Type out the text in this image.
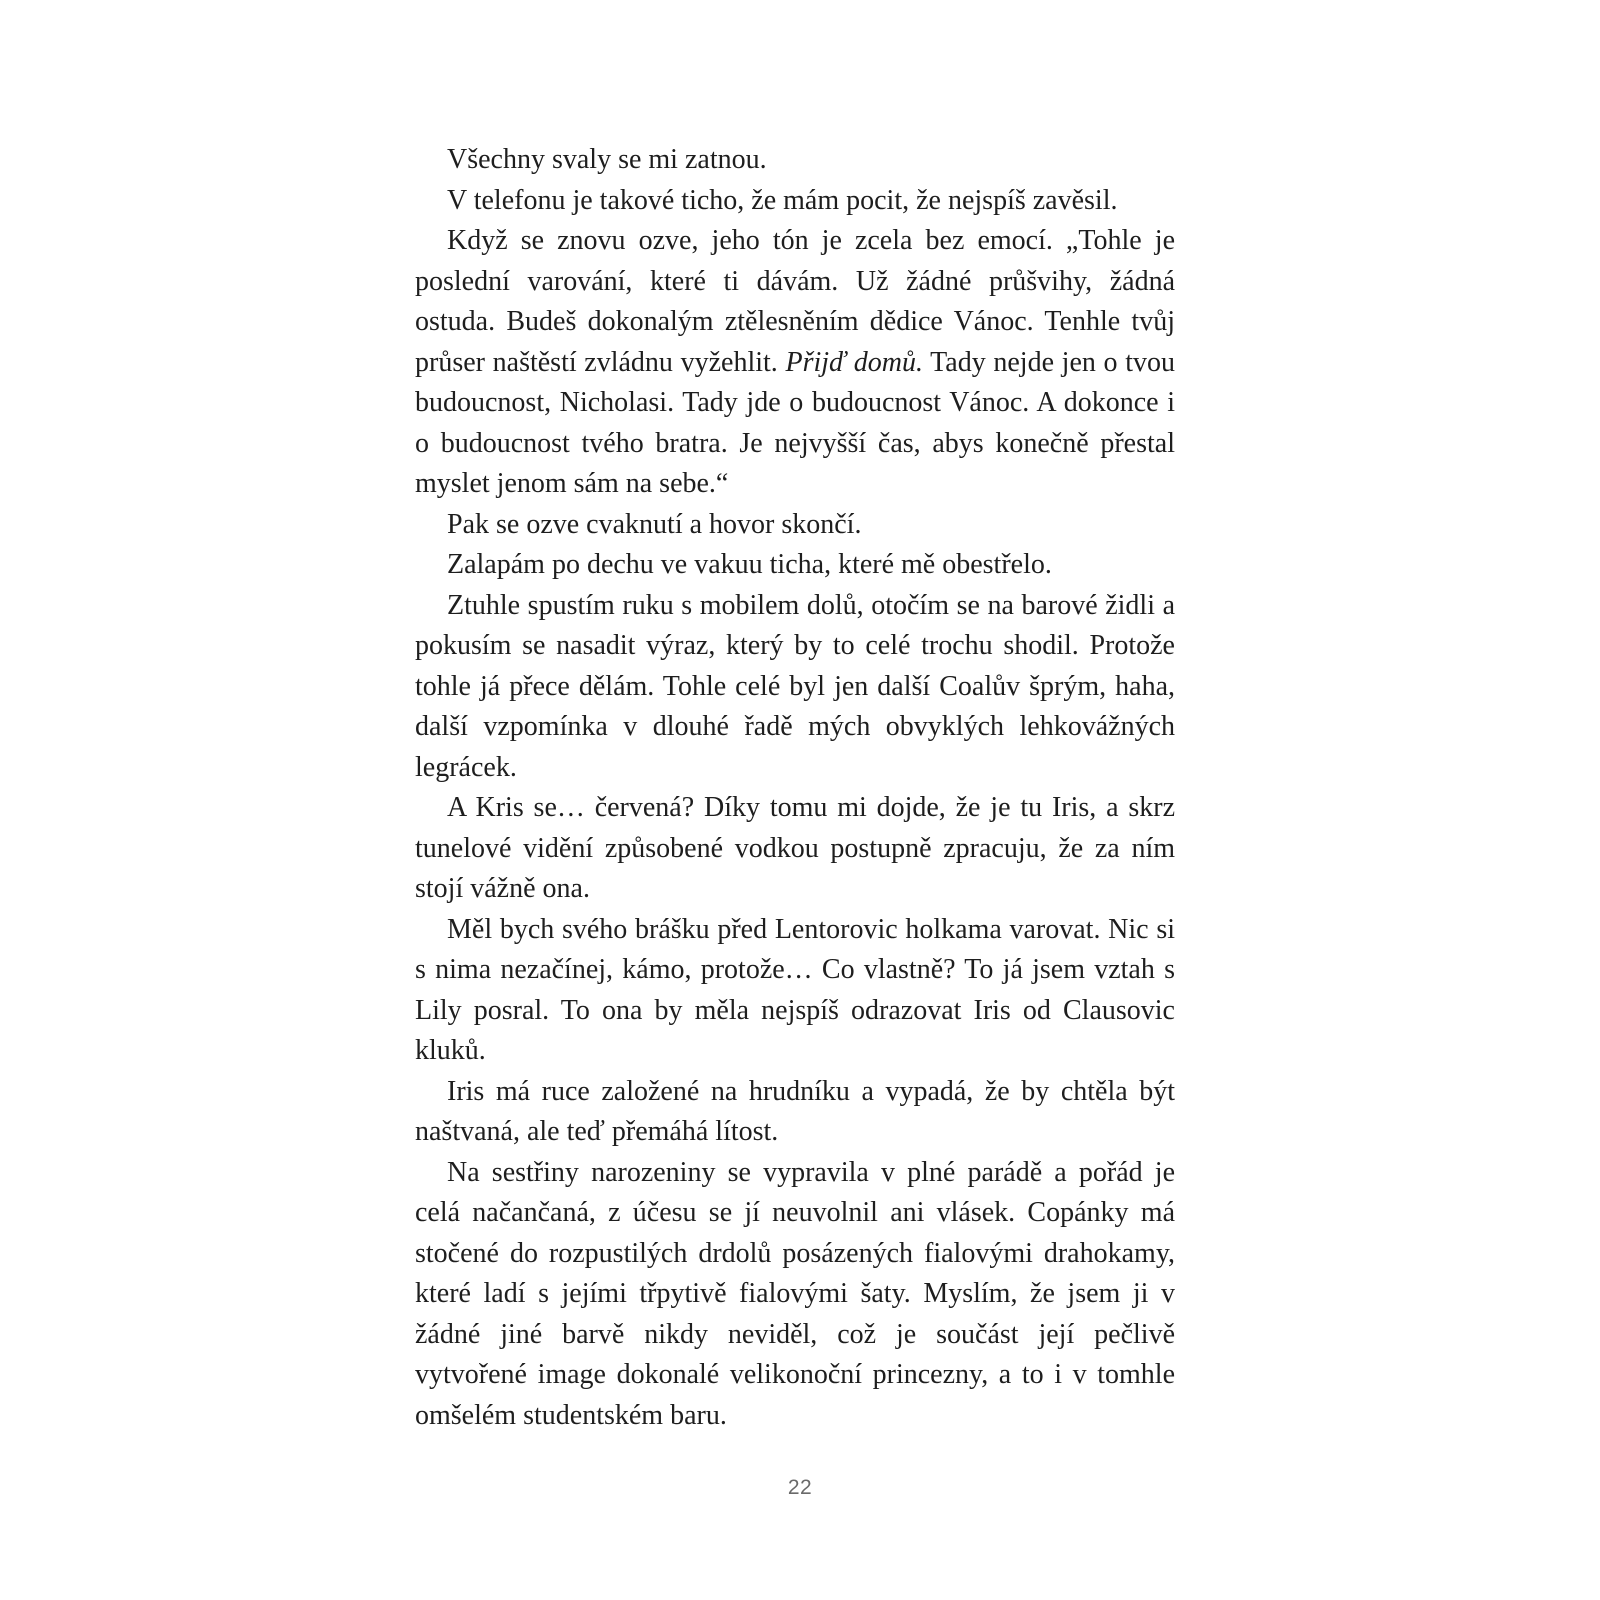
Všechny svaly se mi zatnou.

V telefonu je takové ticho, že mám pocit, že nejspíš zavěsil.

Když se znovu ozve, jeho tón je zcela bez emocí. „Tohle je poslední varování, které ti dávám. Už žádné průšvihy, žádná ostuda. Budeš dokonalým ztělesněním dědice Vánoc. Tenhle tvůj průser naštěstí zvládnu vyžehlit. Přijď domů. Tady nejde jen o tvou budoucnost, Nicholasi. Tady jde o budoucnost Vánoc. A dokonce i o budoucnost tvého bratra. Je nejvyšší čas, abys konečně přestal myslet jenom sám na sebe.“

Pak se ozve cvaknutí a hovor skončí.

Zalapám po dechu ve vakuu ticha, které mě obestřelo.

Ztuhle spustím ruku s mobilem dolů, otočím se na barové židli a pokusím se nasadit výraz, který by to celé trochu shodil. Protože tohle já přece dělám. Tohle celé byl jen další Coalův šprým, haha, další vzpomínka v dlouhé řadě mých obvyklých lehkovážných legrácek.

A Kris se… červená? Díky tomu mi dojde, že je tu Iris, a skrz tunelové vidění způsobené vodkou postupně zpracuju, že za ním stojí vážně ona.

Měl bych svého brášku před Lentorovic holkama varovat. Nic si s nima nezačínej, kámo, protože… Co vlastně? To já jsem vztah s Lily posral. To ona by měla nejspíš odrazovat Iris od Clausovic kluků.

Iris má ruce založené na hrudníku a vypadá, že by chtěla být naštvaná, ale teď přemáhá lítost.

Na sestřiny narozeniny se vypravila v plné parádě a pořád je celá načančaná, z účesu se jí neuvolnil ani vlásek. Copánky má stočené do rozpustilých drdolů posázených fialovými drahokamy, které ladí s jejími třpytivě fialovými šaty. Myslím, že jsem ji v žádné jiné barvě nikdy neviděl, což je součást její pečlivě vytvořené image dokonalé velikonoční princezny, a to i v tomhle omšelém studentském baru.

22
